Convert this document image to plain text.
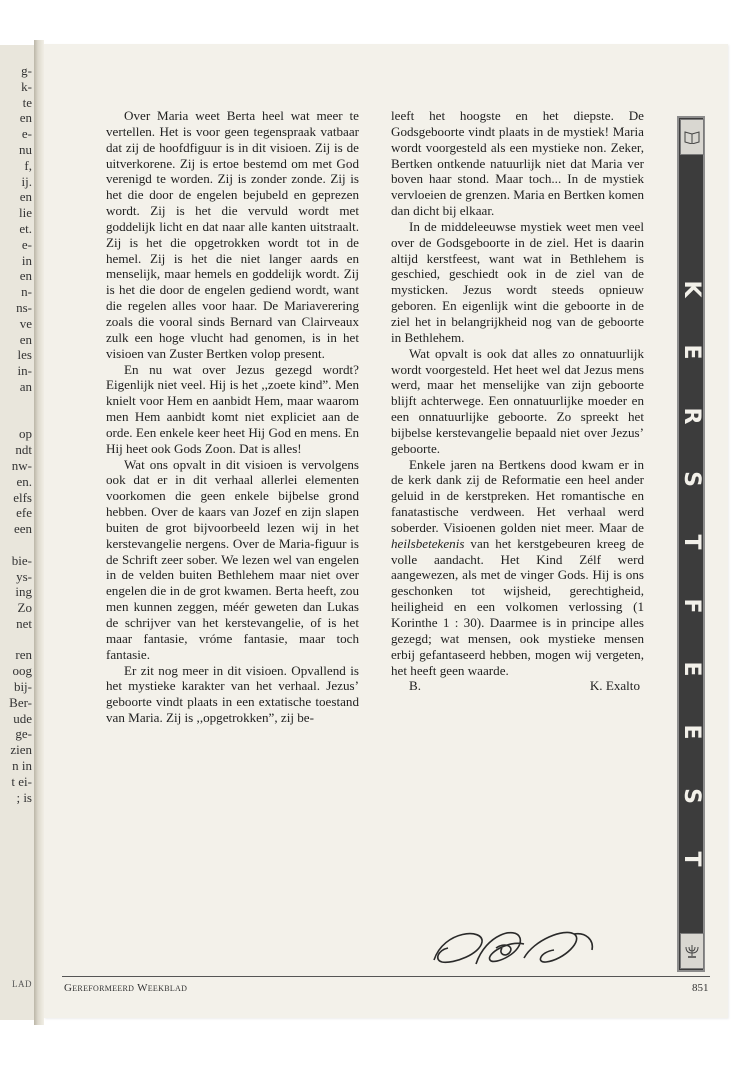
g-
k-
te
en
e-
nu
f,
ij.
en
lie
et.
e-
in
en
n-
ns-
ve
en
les
in-
an

op
ndt
nw-
en.
elfs
efe
een

bie-
ys-
ing
Zo
net

ren
oog
bij-
Ber-
ude
ge-
zien
n in
t ei-
; is
LAD

Over Maria weet Berta heel wat meer te vertellen. Het is voor geen tegenspraak vatbaar dat zij de hoofdfiguur is in dit visioen. Zij is de uitverkorene. Zij is ertoe bestemd om met God verenigd te worden. Zij is zonder zonde. Zij is het die door de engelen bejubeld en geprezen wordt. Zij is het die vervuld wordt met goddelijk licht en dat naar alle kanten uitstraalt. Zij is het die opgetrokken wordt tot in de hemel. Zij is het die niet langer aards en menselijk, maar hemels en goddelijk wordt. Zij is het die door de engelen gediend wordt, want die regelen alles voor haar. De Mariaverering zoals die vooral sinds Bernard van Clairveaux zulk een hoge vlucht had genomen, is in het visioen van Zuster Bertken volop present.

En nu wat over Jezus gezegd wordt? Eigenlijk niet veel. Hij is het ,,zoete kind”. Men knielt voor Hem en aanbidt Hem, maar waarom men Hem aanbidt komt niet expliciet aan de orde. Een enkele keer heet Hij God en mens. En Hij heet ook Gods Zoon. Dat is alles!

Wat ons opvalt in dit visioen is vervolgens ook dat er in dit verhaal allerlei elementen voorkomen die geen enkele bijbelse grond hebben. Over de kaars van Jozef en zijn slapen buiten de grot bijvoorbeeld lezen wij in het kerstevangelie nergens. Over de Maria-figuur is de Schrift zeer sober. We lezen wel van engelen in de velden buiten Bethlehem maar niet over engelen die in de grot kwamen. Berta heeft, zou men kunnen zeggen, méér geweten dan Lukas de schrijver van het kerstevangelie, of is het maar fantasie, vróme fantasie, maar toch fantasie.

Er zit nog meer in dit visioen. Opvallend is het mystieke karakter van het verhaal. Jezus’ geboorte vindt plaats in een extatische toestand van Maria. Zij is ,,opgetrokken”, zij be-

leeft het hoogste en het diepste. De Godsgeboorte vindt plaats in de mystiek! Maria wordt voorgesteld als een mystieke non. Zeker, Bertken ontkende natuurlijk niet dat Maria ver boven haar stond. Maar toch... In de mystiek vervloeien de grenzen. Maria en Bertken komen dan dicht bij elkaar.

In de middeleeuwse mystiek weet men veel over de Godsgeboorte in de ziel. Het is daarin altijd kerstfeest, want wat in Bethlehem is geschied, geschiedt ook in de ziel van de mysticken. Jezus wordt steeds opnieuw geboren. En eigenlijk wint die geboorte in de ziel het in belangrijkheid nog van de geboorte in Bethlehem.

Wat opvalt is ook dat alles zo onnatuurlijk wordt voorgesteld. Het heet wel dat Jezus mens werd, maar het menselijke van zijn geboorte blijft achterwege. Een onnatuurlijke moeder en een onnatuurlijke geboorte. Zo spreekt het bijbelse kerstevangelie bepaald niet over Jezus’ geboorte.

Enkele jaren na Bertkens dood kwam er in de kerk dank zij de Reformatie een heel ander geluid in de kerstpreken. Het romantische en fanatastische verdween. Het verhaal werd soberder. Visioenen golden niet meer. Maar de heilsbetekenis van het kerstgebeuren kreeg de volle aandacht. Het Kind Zélf werd aangewezen, als met de vinger Gods. Hij is ons geschonken tot wijsheid, gerechtigheid, heiligheid en een volkomen verlossing (1 Korinthe 1 : 30). Daarmee is in principe alles gezegd; wat mensen, ook mystieke mensen erbij gefantaseerd hebben, mogen wij vergeten, het heeft geen waarde.

B.	K. Exalto

K
E
R
S
T
F
E
E
S
T
Gereformeerd Weekblad	851
